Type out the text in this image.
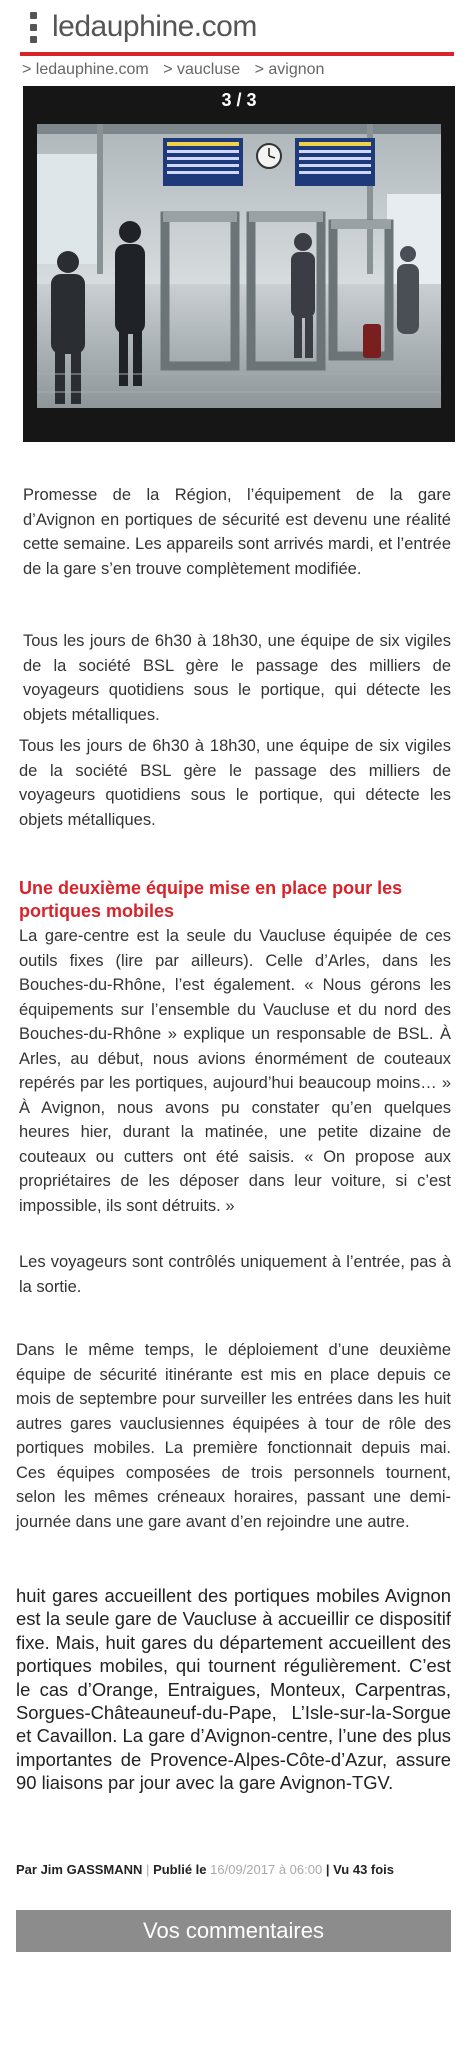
ledauphine.com
> ledauphine.com > vaucluse > avignon
3 / 3
Promesse de la Région, l’équipement de la gare d’Avignon en portiques de sécurité est devenu une réalité cette semaine. Les appareils sont arrivés mardi, et l’entrée de la gare s’en trouve complètement modifiée.
Tous les jours de 6h30 à 18h30, une équipe de six vigiles de la société BSL gère le passage des milliers de voyageurs quotidiens sous le portique, qui détecte les objets métalliques.
Tous les jours de 6h30 à 18h30, une équipe de six vigiles de la société BSL gère le passage des milliers de voyageurs quotidiens sous le portique, qui détecte les objets métalliques.
Une deuxième équipe mise en place pour les portiques mobiles
La gare-centre est la seule du Vaucluse équipée de ces outils fixes (lire par ailleurs). Celle d’Arles, dans les Bouches-du-Rhône, l’est également. « Nous gérons les équipements sur l’ensemble du Vaucluse et du nord des Bouches-du-Rhône » explique un responsable de BSL. À Arles, au début, nous avions énormément de couteaux repérés par les portiques, aujourd’hui beaucoup moins… » À Avignon, nous avons pu constater qu’en quelques heures hier, durant la matinée, une petite dizaine de couteaux ou cutters ont été saisis. « On propose aux propriétaires de les déposer dans leur voiture, si c’est impossible, ils sont détruits. »
Les voyageurs sont contrôlés uniquement à l’entrée, pas à la sortie.
Dans le même temps, le déploiement d’une deuxième équipe de sécurité itinérante est mis en place depuis ce mois de septembre pour surveiller les entrées dans les huit autres gares vauclusiennes équipées à tour de rôle des portiques mobiles. La première fonctionnait depuis mai. Ces équipes composées de trois personnels tournent, selon les mêmes créneaux horaires, passant une demi-journée dans une gare avant d’en rejoindre une autre.
huit gares accueillent des portiques mobiles Avignon est la seule gare de Vaucluse à accueillir ce dispositif fixe. Mais, huit gares du département accueillent des portiques mobiles, qui tournent régulièrement. C’est le cas d’Orange, Entraigues, Monteux, Carpentras, Sorgues-Châteauneuf-du-Pape, L’Isle-sur-la-Sorgue et Cavaillon. La gare d’Avignon-centre, l’une des plus importantes de Provence-Alpes-Côte-d’Azur, assure 90 liaisons par jour avec la gare Avignon-TGV.
Par Jim GASSMANN | Publié le 16/09/2017 à 06:00 | Vu 43 fois
Vos commentaires
